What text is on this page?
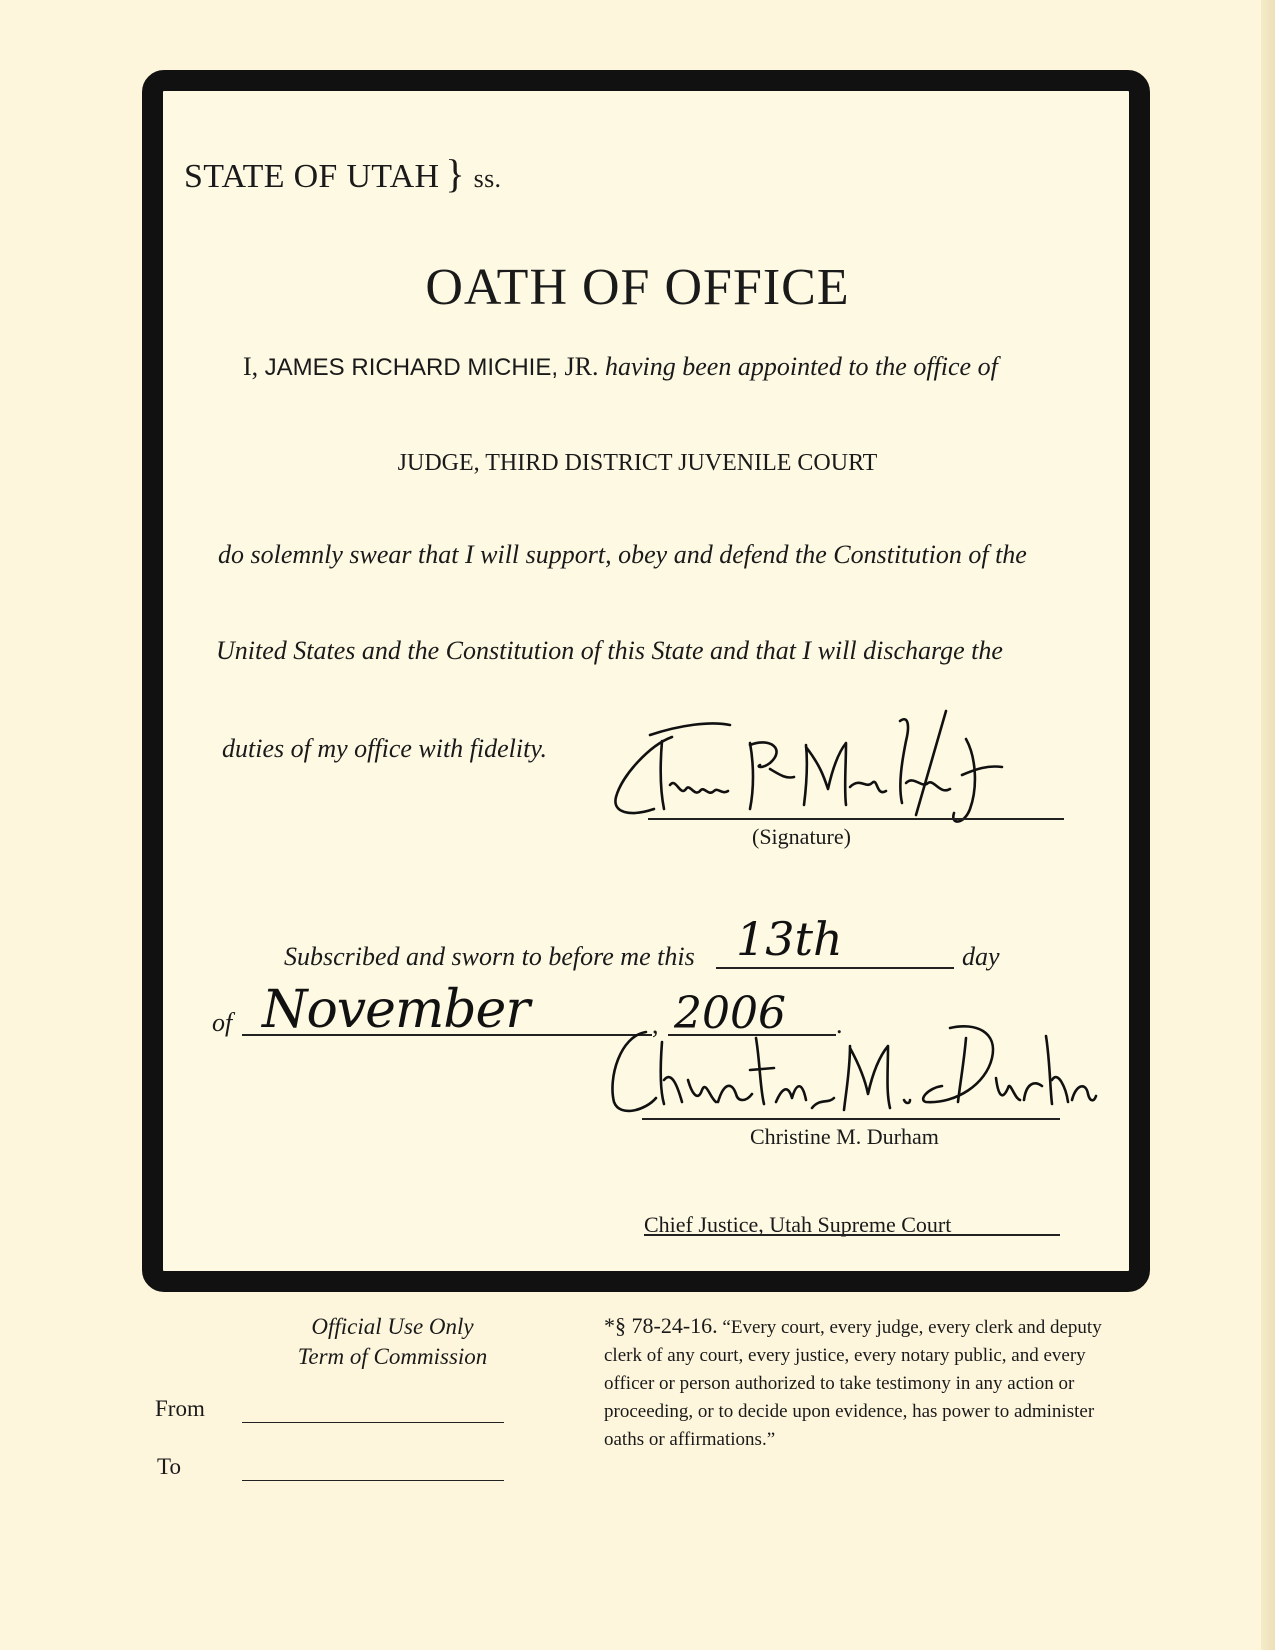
STATE OF UTAH } ss.
OATH OF OFFICE
I, JAMES RICHARD MICHIE, JR. having been appointed to the office of
JUDGE, THIRD DISTRICT JUVENILE COURT
do solemnly swear that I will support, obey and defend the Constitution of the
United States and the Constitution of this State and that I will discharge the
duties of my office with fidelity.
(Signature)
Subscribed and sworn to before me this 13th	day
of November	, 2006 .
Christine M. Durham
Chief Justice, Utah Supreme Court
Official Use Only
Term of Commission
From
To
*§ 78-24-16. “Every court, every judge, every clerk and deputy clerk of any court, every justice, every notary public, and every officer or person authorized to take testimony in any action or proceeding, or to decide upon evidence, has power to administer oaths or affirmations.”
